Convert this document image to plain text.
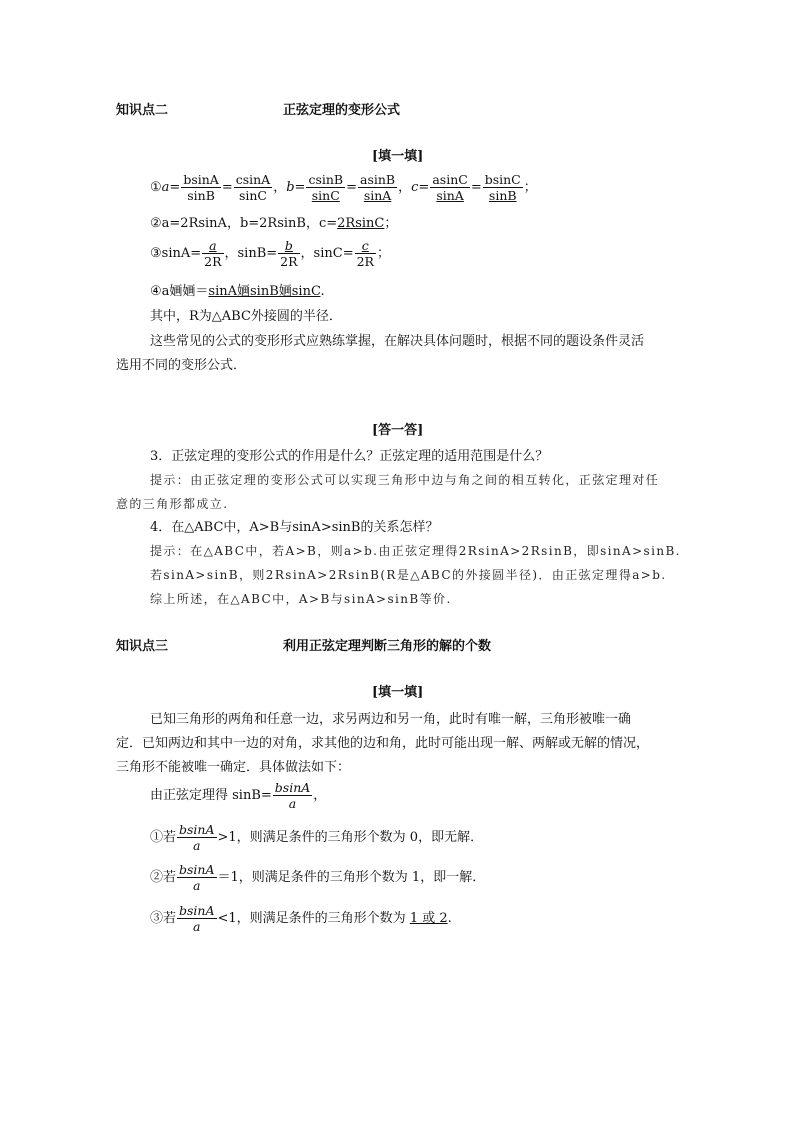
知识点二	正弦定理的变形公式
[填一填]
①a= $\frac{bsinA}{\sin B} = \frac{csinA}{\sin C}$ ，$b= \frac{csinB}{\sin C} = \frac{asinB}{\sin A}$ ，$c= \frac{asinC}{\sin A} = \frac{bsinC}{\sin B}$ ；
②a=2RsinA，b=2RsinB，c=2RsinC；
③sinA= $\frac{a}{2R}$ ，$\sin B= \frac{b}{2R}$ ，$\sin C= \frac{c}{2R}$ ；
④a婳婳＝sinA婳sinB婳sinC.
其中，R为△ABC外接圆的半径．
这些常见的公式的变形形式应熟练掌握，在解决具体问题时，根据不同的题设条件灵活
选用不同的变形公式．
[答一答]
3．正弦定理的变形公式的作用是什么？正弦定理的适用范围是什么？
提示：由正弦定理的变形公式可以实现三角形中边与角之间的相互转化，正弦定理对任
意的三角形都成立.
4．在△ABC中，A>B与sinA>sinB的关系怎样？
提示：在△ABC中，若A>B，则a>b.由正弦定理得2RsinA>2RsinB，即sinA>sinB.
若sinA>sinB，则2RsinA>2RsinB(R是△ABC的外接圆半径)．由正弦定理得a>b.
综上所述，在△ABC中，A>B与sinA>sinB等价.
知识点三	利用正弦定理判断三角形的解的个数
[填一填]
已知三角形的两角和任意一边，求另两边和另一角，此时有唯一解，三角形被唯一确
定．已知两边和其中一边的对角，求其他的边和角，此时可能出现一解、两解或无解的情况，
三角形不能被唯一确定．具体做法如下：
由正弦定理得 $\sin B= \frac{bsinA}{a}$ ，
①若 $\frac{bsinA}{a} >1$，则满足条件的三角形个数为 0，即无解．
②若 $\frac{bsinA}{a} =1$，则满足条件的三角形个数为 1，即一解．
③若 $\frac{bsinA}{a} <1$，则满足条件的三角形个数为 1 或 2.
